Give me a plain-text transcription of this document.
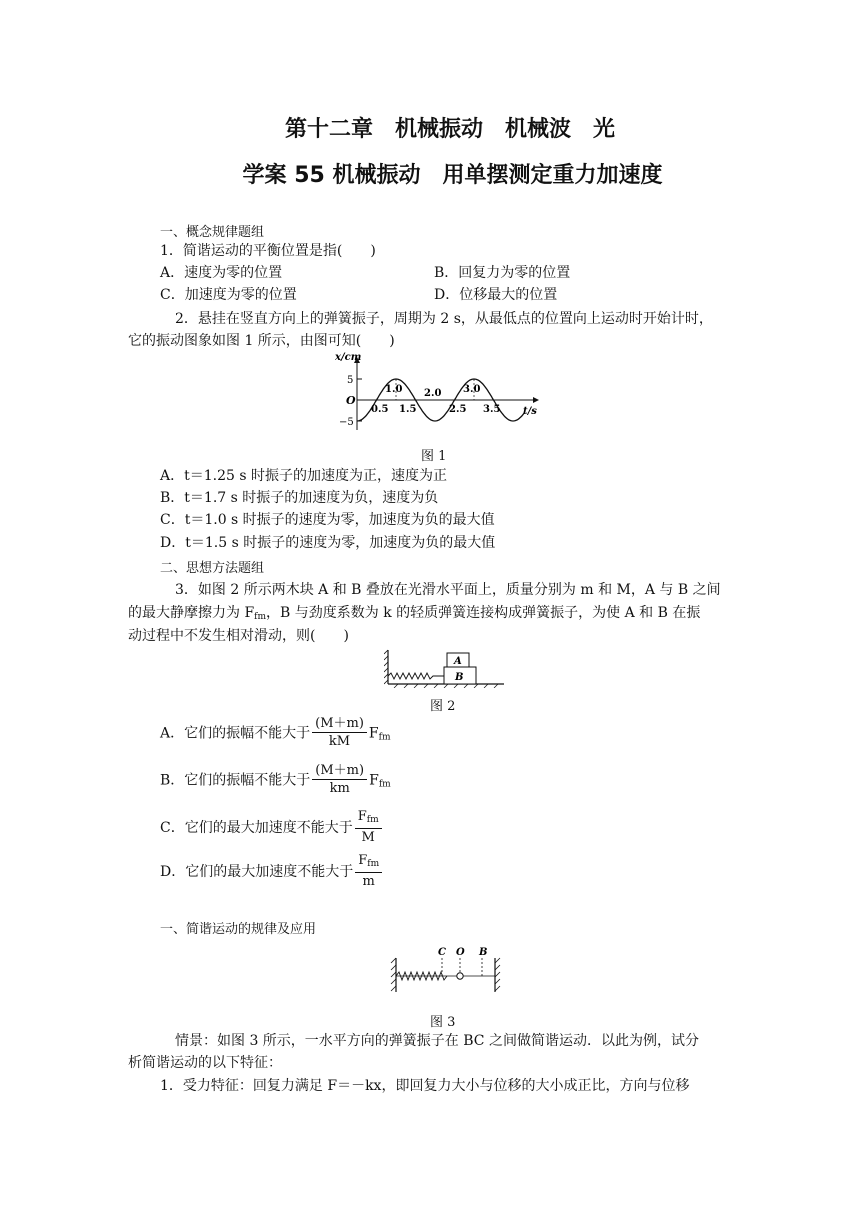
第十二章　机械振动　机械波　光
学案 55 机械振动　用单摆测定重力加速度
一、概念规律题组
1．简谐运动的平衡位置是指(　　)
A．速度为零的位置	B．回复力为零的位置
C．加速度为零的位置	D．位移最大的位置
2．悬挂在竖直方向上的弹簧振子，周期为 2 s，从最低点的位置向上运动时开始计时，
它的振动图象如图 1 所示，由图可知(　　)
x/cm
t/s
5
−5
O
0.5
1.0
1.5
2.0
2.5
3.0
3.5
图 1
A．t＝1.25 s 时振子的加速度为正，速度为正
B．t＝1.7 s 时振子的加速度为负，速度为负
C．t＝1.0 s 时振子的速度为零，加速度为负的最大值
D．t＝1.5 s 时振子的速度为零，加速度为负的最大值
二、思想方法题组
3．如图 2 所示两木块 A 和 B 叠放在光滑水平面上，质量分别为 m 和 M，A 与 B 之间
的最大静摩擦力为 $F_{fm}$，B 与劲度系数为 k 的轻质弹簧连接构成弹簧振子，为使 A 和 B 在振
动过程中不发生相对滑动，则(　　)
A
B
图 2
A．它们的振幅不能大于 $\frac{(M+m)}{kM} F_{fm}$
B．它们的振幅不能大于 $\frac{(M+m)}{km} F_{fm}$
C．它们的最大加速度不能大于 $\frac{F_{fm}}{M}$
D．它们的最大加速度不能大于 $\frac{F_{fm}}{m}$
一、简谐运动的规律及应用
C O B
图 3
情景：如图 3 所示，一水平方向的弹簧振子在 BC 之间做简谐运动．以此为例，试分
析简谐运动的以下特征：
1．受力特征：回复力满足 F＝－kx，即回复力大小与位移的大小成正比，方向与位移
